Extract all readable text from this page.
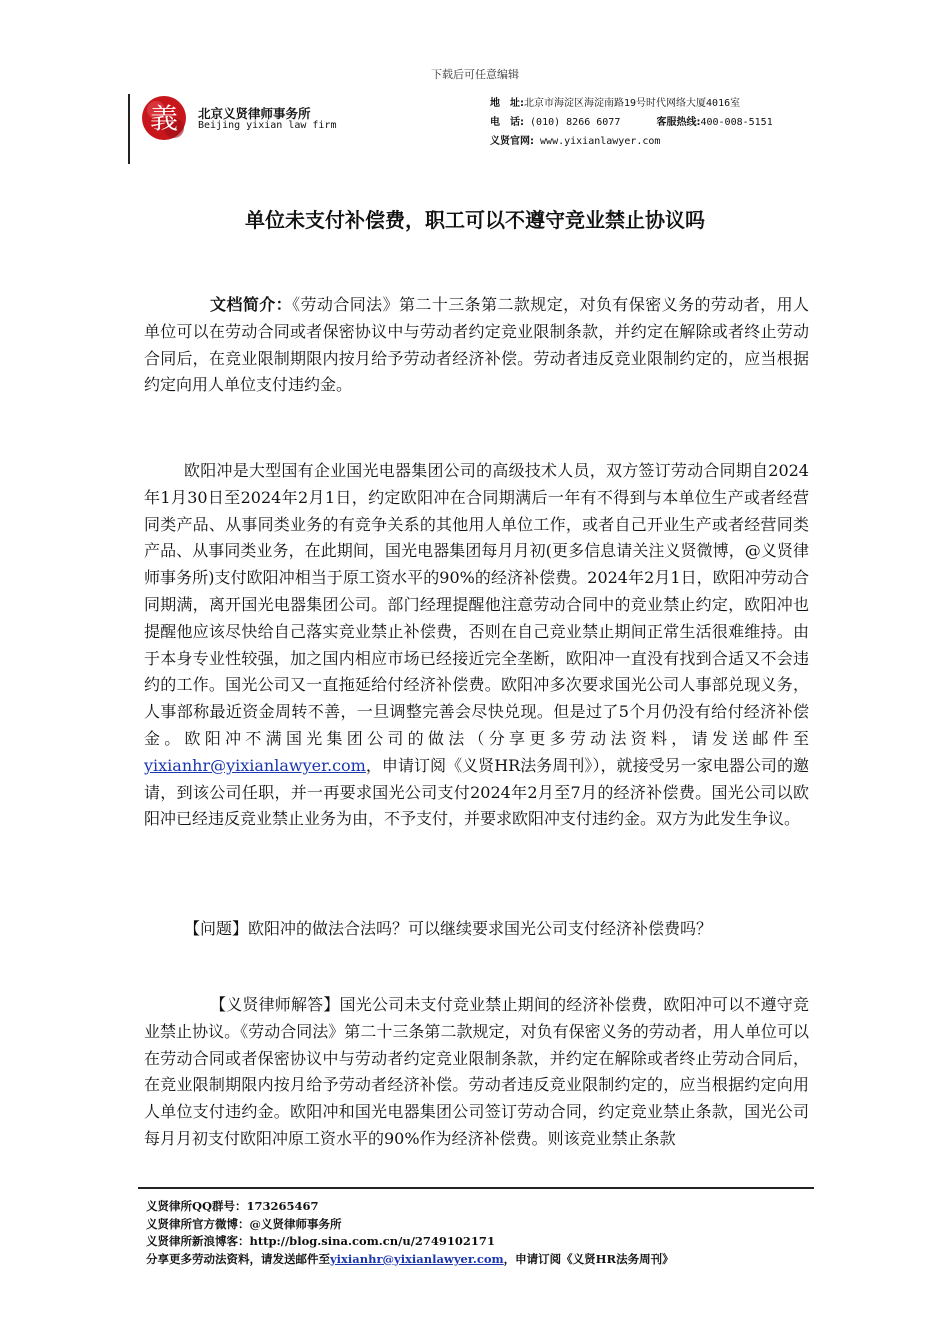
下载后可任意编辑
義 北京义贤律师事务所
Beijing yixian law firm
地　址:北京市海淀区海淀南路19号时代网络大厦4016室
电　话: (010) 8266 6077	客服热线:400-008-5151
义贤官网: www.yixianlawyer.com
单位未支付补偿费，职工可以不遵守竞业禁止协议吗

文档简介：《劳动合同法》第二十三条第二款规定，对负有保密义务的劳动者，用人单位可以在劳动合同或者保密协议中与劳动者约定竞业限制条款，并约定在解除或者终止劳动合同后，在竞业限制期限内按月给予劳动者经济补偿。劳动者违反竞业限制约定的，应当根据约定向用人单位支付违约金。

欧阳冲是大型国有企业国光电器集团公司的高级技术人员，双方签订劳动合同期自2024年1月30日至2024年2月1日，约定欧阳冲在合同期满后一年有不得到与本单位生产或者经营同类产品、从事同类业务的有竞争关系的其他用人单位工作，或者自己开业生产或者经营同类产品、从事同类业务，在此期间，国光电器集团每月月初(更多信息请关注义贤微博，@义贤律师事务所)支付欧阳冲相当于原工资水平的90%的经济补偿费。2024年2月1日，欧阳冲劳动合同期满，离开国光电器集团公司。部门经理提醒他注意劳动合同中的竞业禁止约定，欧阳冲也提醒他应该尽快给自己落实竞业禁止补偿费，否则在自己竞业禁止期间正常生活很难维持。由于本身专业性较强，加之国内相应市场已经接近完全垄断，欧阳冲一直没有找到合适又不会违约的工作。国光公司又一直拖延给付经济补偿费。欧阳冲多次要求国光公司人事部兑现义务，人事部称最近资金周转不善，一旦调整完善会尽快兑现。但是过了5个月仍没有给付经济补偿金。欧阳冲不满国光集团公司的做法（分享更多劳动法资料，请发送邮件至yixianhr@yixianlawyer.com，申请订阅《义贤HR法务周刊》），就接受另一家电器公司的邀请，到该公司任职，并一再要求国光公司支付2024年2月至7月的经济补偿费。国光公司以欧阳冲已经违反竞业禁止业务为由，不予支付，并要求欧阳冲支付违约金。双方为此发生争议。

【问题】欧阳冲的做法合法吗？可以继续要求国光公司支付经济补偿费吗？

【义贤律师解答】国光公司未支付竞业禁止期间的经济补偿费，欧阳冲可以不遵守竞业禁止协议。《劳动合同法》第二十三条第二款规定，对负有保密义务的劳动者，用人单位可以在劳动合同或者保密协议中与劳动者约定竞业限制条款，并约定在解除或者终止劳动合同后，在竞业限制期限内按月给予劳动者经济补偿。劳动者违反竞业限制约定的，应当根据约定向用人单位支付违约金。欧阳冲和国光电器集团公司签订劳动合同，约定竞业禁止条款，国光公司每月月初支付欧阳冲原工资水平的90%作为经济补偿费。则该竞业禁止条款

义贤律所QQ群号：173265467
义贤律所官方微博：@义贤律师事务所
义贤律所新浪博客：http://blog.sina.com.cn/u/2749102171
分享更多劳动法资料，请发送邮件至yixianhr@yixianlawyer.com，申请订阅《义贤HR法务周刊》
